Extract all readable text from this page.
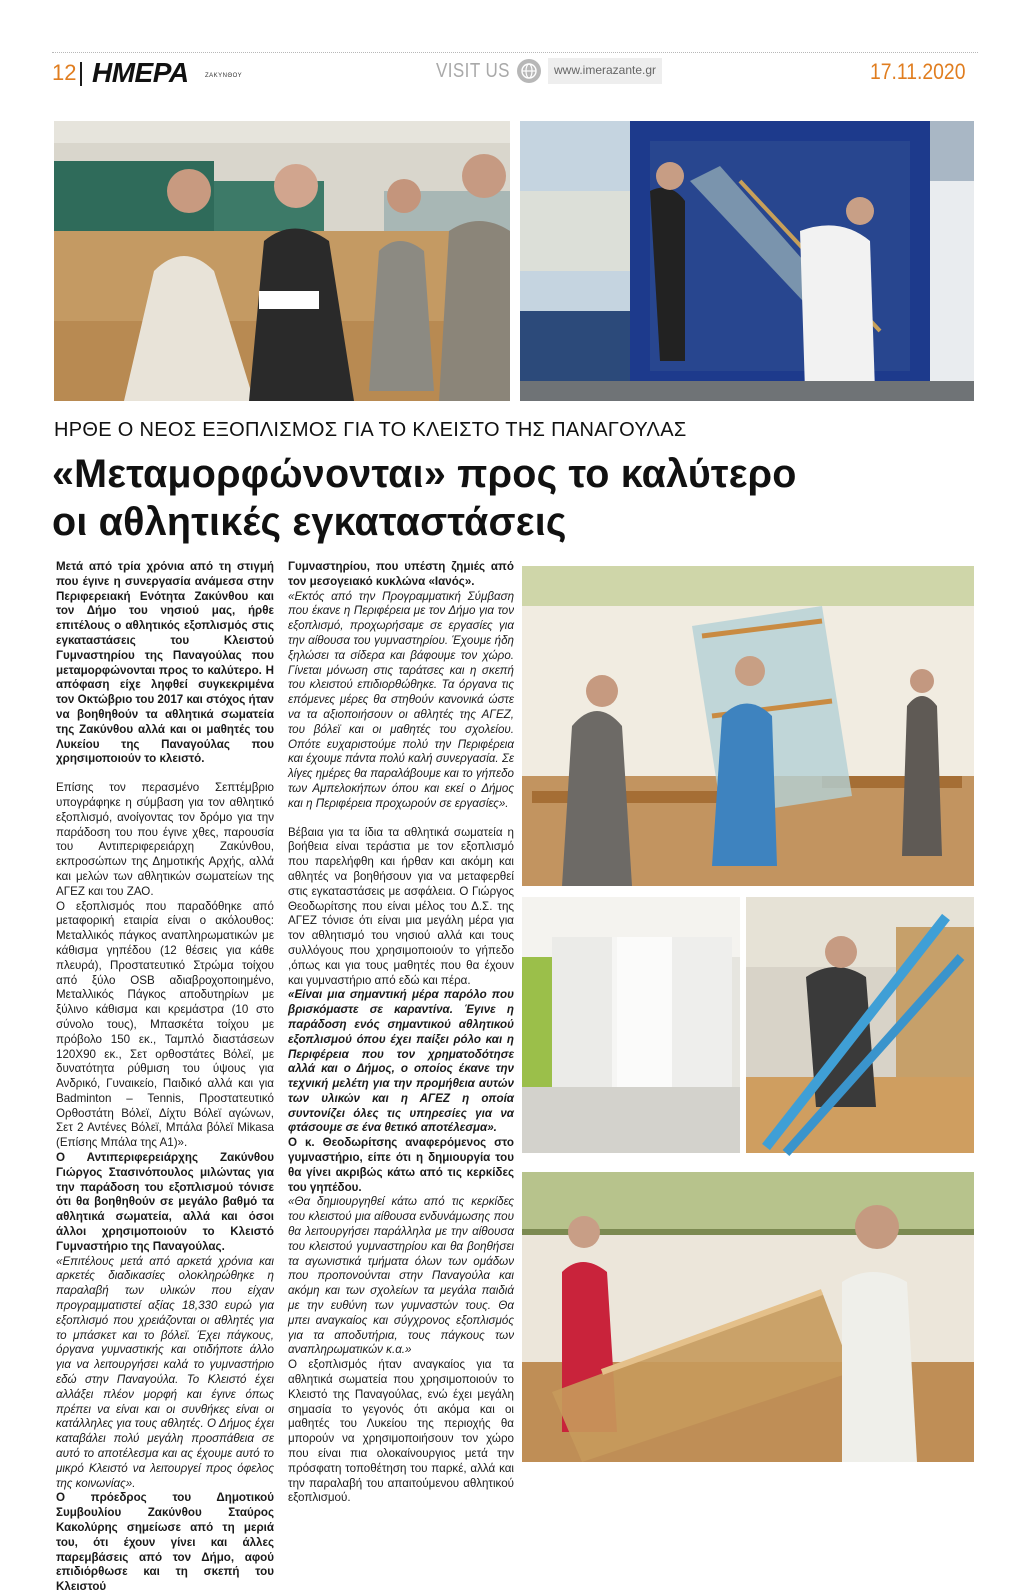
12 ΗΜΕΡΑ	ΖΑΚΥΝΘΟΥ	VISIT US	www.imerazante.gr	17.11.2020
ΗΡΘΕ Ο ΝΕΟΣ ΕΞΟΠΛΙΣΜΟΣ ΓΙΑ ΤΟ ΚΛΕΙΣΤΟ ΤΗΣ ΠΑΝΑΓΟΥΛΑΣ
«Μεταμορφώνονται» προς το καλύτερο
οι αθλητικές εγκαταστάσεις

Μετά από τρία χρόνια από τη στιγμή που έγινε η συνεργασία ανάμεσα στην Περιφερειακή Ενότητα Ζακύνθου και τον Δήμο του νησιού μας, ήρθε επιτέλους ο αθλητικός εξοπλισμός στις εγκαταστάσεις του Κλειστού Γυμναστηρίου της Παναγούλας που μεταμορφώνονται προς το καλύτερο. Η απόφαση είχε ληφθεί συγκεκριμένα τον Οκτώβριο του 2017 και στόχος ήταν να βοηθηθούν τα αθλητικά σωματεία της Ζακύνθου αλλά και οι μαθητές του Λυκείου της Παναγούλας που χρησιμοποιούν το κλειστό.

Επίσης τον περασμένο Σεπτέμβριο υπογράφηκε η σύμβαση για τον αθλητικό εξοπλισμό, ανοίγοντας τον δρόμο για την παράδοση του που έγινε χθες, παρουσία του Αντιπεριφερειάρχη Ζακύνθου, εκπροσώπων της Δημοτικής Αρχής, αλλά και μελών των αθλητικών σωματείων της ΑΓΕΖ και του ΖΑΟ.

Ο εξοπλισμός που παραδόθηκε από μεταφορική εταιρία είναι ο ακόλουθος: Μεταλλικός πάγκος αναπληρωματικών με κάθισμα γηπέδου (12 θέσεις για κάθε πλευρά), Προστατευτικό Στρώμα τοίχου από ξύλο OSB αδιαβροχοποιημένο, Μεταλλικός Πάγκος αποδυτηρίων με ξύλινο κάθισμα και κρεμάστρα (10 στο σύνολο τους), Μπασκέτα τοίχου με πρόβολο 150 εκ., Ταμπλό διαστάσεων 120Χ90 εκ., Σετ ορθοστάτες Βόλεϊ, με δυνατότητα ρύθμιση του ύψους για Ανδρικό, Γυναικείο, Παιδικό αλλά και για Badminton – Tennis, Προστατευτικό Ορθοστάτη Βόλεϊ, Δίχτυ Βόλεϊ αγώνων, Σετ 2 Αντένες Βόλεϊ, Μπάλα βόλεϊ Mikasa (Επίσης Μπάλα της Α1)».

Ο Αντιπεριφερειάρχης Ζακύνθου Γιώργος Στασινόπουλος μιλώντας για την παράδοση του εξοπλισμού τόνισε ότι θα βοηθηθούν σε μεγάλο βαθμό τα αθλητικά σωματεία, αλλά και όσοι άλλοι χρησιμοποιούν το Κλειστό Γυμναστήριο της Παναγούλας.

«Επιτέλους μετά από αρκετά χρόνια και αρκετές διαδικασίες ολοκληρώθηκε η παραλαβή των υλικών που είχαν προγραμματιστεί αξίας 18,330 ευρώ για εξοπλισμό που χρειάζονται οι αθλητές για το μπάσκετ και το βόλεϊ. Έχει πάγκους, όργανα γυμναστικής και οτιδήποτε άλλο για να λειτουργήσει καλά το γυμναστήριο εδώ στην Παναγούλα. Το Κλειστό έχει αλλάξει πλέον μορφή και έγινε όπως πρέπει να είναι και οι συνθήκες είναι οι κατάλληλες για τους αθλητές. Ο Δήμος έχει καταβάλει πολύ μεγάλη προσπάθεια σε αυτό το αποτέλεσμα και ας έχουμε αυτό το μικρό Κλειστό να λειτουργεί προς όφελος της κοινωνίας».

Ο πρόεδρος του Δημοτικού Συμβουλίου Ζακύνθου Σταύρος Κακολύρης σημείωσε από τη μεριά του, ότι έχουν γίνει και άλλες παρεμβάσεις από τον Δήμο, αφού επιδιόρθωσε και τη σκεπή του Κλειστού

Γυμναστηρίου, που υπέστη ζημιές από τον μεσογειακό κυκλώνα «Ιανός».

«Εκτός από την Προγραμματική Σύμβαση που έκανε η Περιφέρεια με τον Δήμο για τον εξοπλισμό, προχωρήσαμε σε εργασίες για την αίθουσα του γυμναστηρίου. Έχουμε ήδη ξηλώσει τα σίδερα και βάφουμε τον χώρο. Γίνεται μόνωση στις ταράτσες και η σκεπή του κλειστού επιδιορθώθηκε. Τα όργανα τις επόμενες μέρες θα στηθούν κανονικά ώστε να τα αξιοποιήσουν οι αθλητές της ΑΓΕΖ, του βόλεϊ και οι μαθητές του σχολείου. Οπότε ευχαριστούμε πολύ την Περιφέρεια και έχουμε πάντα πολύ καλή συνεργασία. Σε λίγες ημέρες θα παραλάβουμε και το γήπεδο των Αμπελοκήπων όπου και εκεί ο Δήμος και η Περιφέρεια προχωρούν σε εργασίες».

Βέβαια για τα ίδια τα αθλητικά σωματεία η βοήθεια είναι τεράστια με τον εξοπλισμό που παρελήφθη και ήρθαν και ακόμη και αθλητές να βοηθήσουν για να μεταφερθεί στις εγκαταστάσεις με ασφάλεια. Ο Γιώργος Θεοδωρίτσης που είναι μέλος του Δ.Σ. της ΑΓΕΖ τόνισε ότι είναι μια μεγάλη μέρα για τον αθλητισμό του νησιού αλλά και τους συλλόγους που χρησιμοποιούν το γήπεδο ,όπως και για τους μαθητές που θα έχουν και γυμναστήριο από εδώ και πέρα.

«Είναι μια σημαντική μέρα παρόλο που βρισκόμαστε σε καραντίνα. Έγινε η παράδοση ενός σημαντικού αθλητικού εξοπλισμού όπου έχει παίξει ρόλο και η Περιφέρεια που τον χρηματοδότησε αλλά και ο Δήμος, ο οποίος έκανε την τεχνική μελέτη για την προμήθεια αυτών των υλικών και η ΑΓΕΖ η οποία συντονίζει όλες τις υπηρεσίες για να φτάσουμε σε ένα θετικό αποτέλεσμα».

Ο κ. Θεοδωρίτσης αναφερόμενος στο γυμναστήριο, είπε ότι η δημιουργία του θα γίνει ακριβώς κάτω από τις κερκίδες του γηπέδου.

«Θα δημιουργηθεί κάτω από τις κερκίδες του κλειστού μια αίθουσα ενδυνάμωσης που θα λειτουργήσει παράλληλα με την αίθουσα του κλειστού γυμναστηρίου και θα βοηθήσει τα αγωνιστικά τμήματα όλων των ομάδων που προπονούνται στην Παναγούλα και ακόμη και των σχολείων τα μεγάλα παιδιά με την ευθύνη των γυμναστών τους. Θα μπει αναγκαίος και σύγχρονος εξοπλισμός για τα αποδυτήρια, τους πάγκους των αναπληρωματικών κ.α.»

Ο εξοπλισμός ήταν αναγκαίος για τα αθλητικά σωματεία που χρησιμοποιούν το Κλειστό της Παναγούλας, ενώ έχει μεγάλη σημασία το γεγονός ότι ακόμα και οι μαθητές του Λυκείου της περιοχής θα μπορούν να χρησιμοποιήσουν τον χώρο που είναι πια ολοκαίνουργιος μετά την πρόσφατη τοποθέτηση του παρκέ, αλλά και την παραλαβή του απαιτούμενου αθλητικού εξοπλισμού.
